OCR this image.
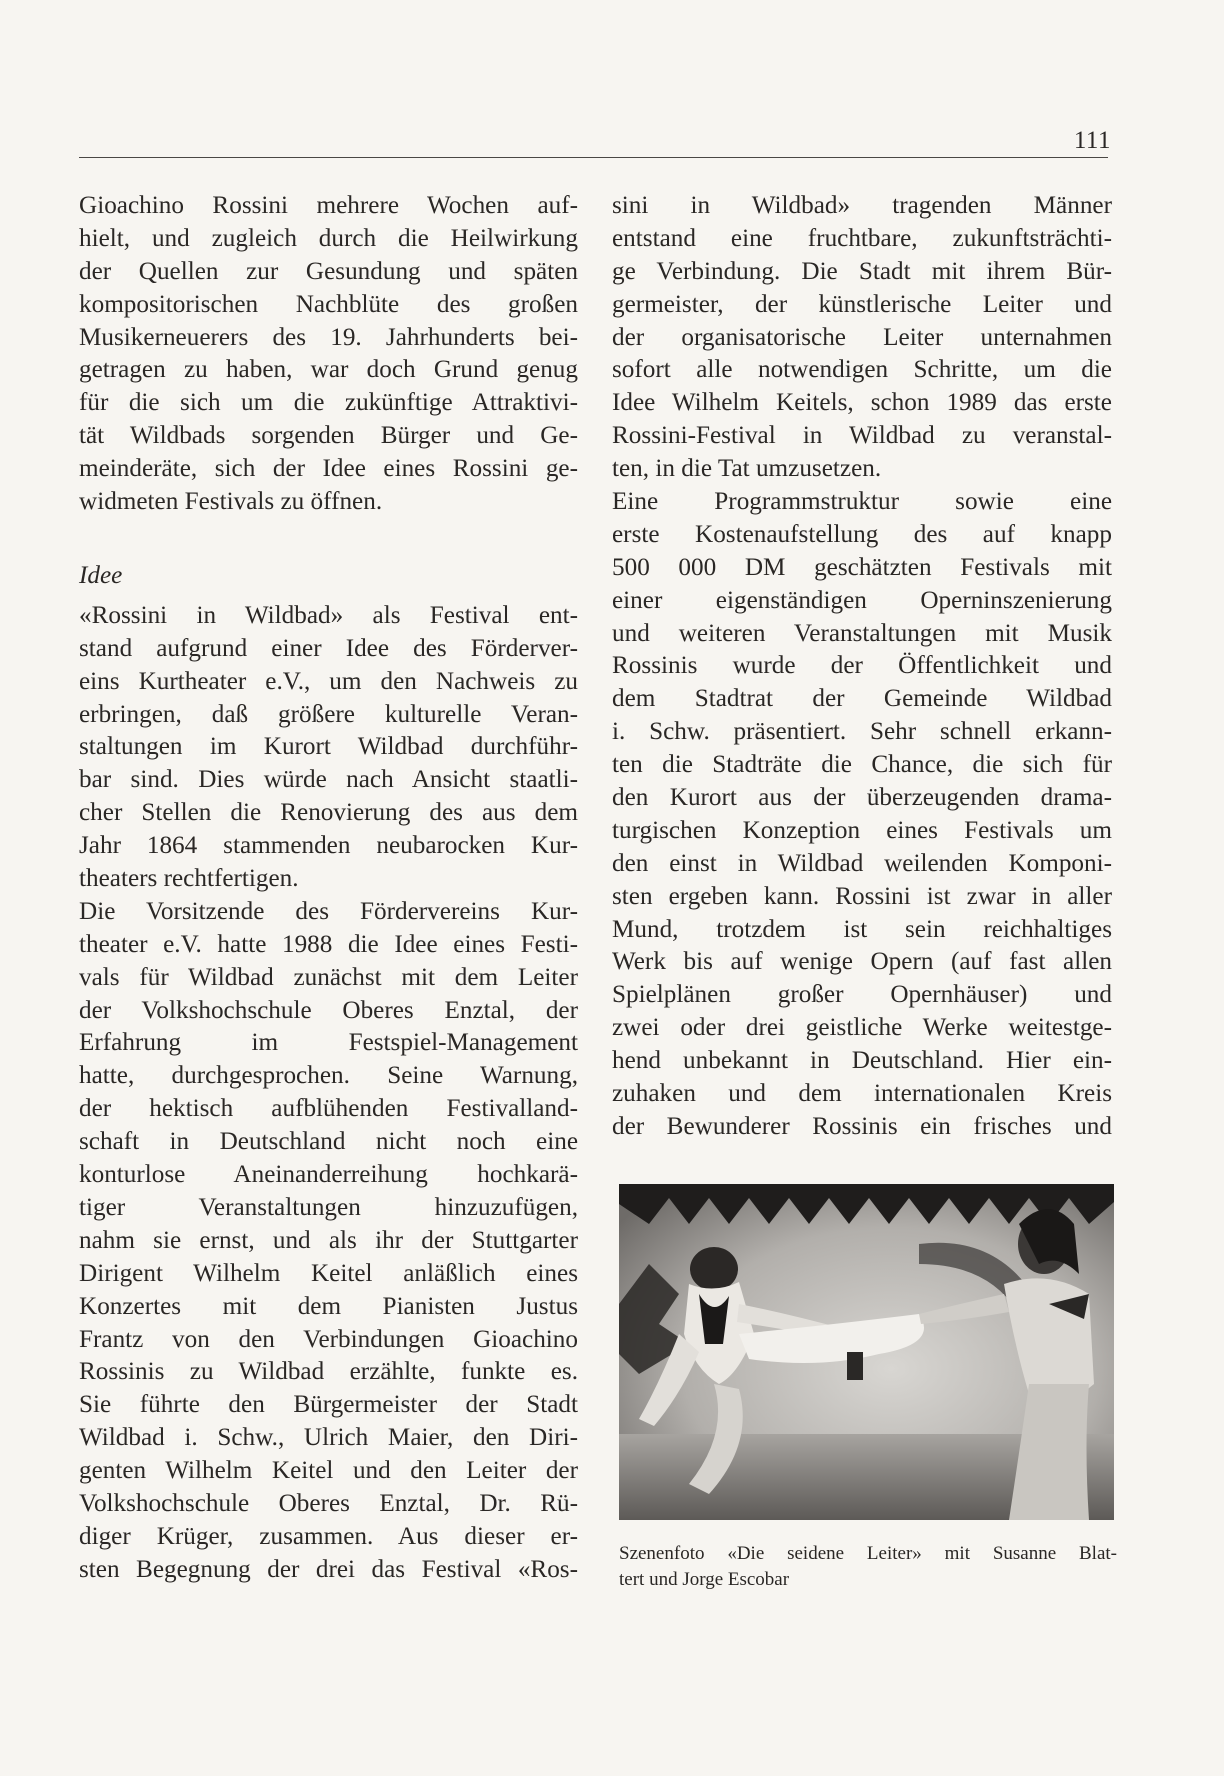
111
Gioachino Rossini mehrere Wochen auf-
hielt, und zugleich durch die Heilwirkung
der Quellen zur Gesundung und späten
kompositorischen Nachblüte des großen
Musikerneuerers des 19. Jahrhunderts bei-
getragen zu haben, war doch Grund genug
für die sich um die zukünftige Attraktivi-
tät Wildbads sorgenden Bürger und Ge-
meinderäte, sich der Idee eines Rossini ge-
widmeten Festivals zu öffnen.
Idee
«Rossini in Wildbad» als Festival ent-
stand aufgrund einer Idee des Förderver-
eins Kurtheater e.V., um den Nachweis zu
erbringen, daß größere kulturelle Veran-
staltungen im Kurort Wildbad durchführ-
bar sind. Dies würde nach Ansicht staatli-
cher Stellen die Renovierung des aus dem
Jahr 1864 stammenden neubarocken Kur-
theaters rechtfertigen.
Die Vorsitzende des Fördervereins Kur-
theater e.V. hatte 1988 die Idee eines Festi-
vals für Wildbad zunächst mit dem Leiter
der Volkshochschule Oberes Enztal, der
Erfahrung im Festspiel-Management
hatte, durchgesprochen. Seine Warnung,
der hektisch aufblühenden Festivalland-
schaft in Deutschland nicht noch eine
konturlose Aneinanderreihung hochkarä-
tiger Veranstaltungen hinzuzufügen,
nahm sie ernst, und als ihr der Stuttgarter
Dirigent Wilhelm Keitel anläßlich eines
Konzertes mit dem Pianisten Justus
Frantz von den Verbindungen Gioachino
Rossinis zu Wildbad erzählte, funkte es.
Sie führte den Bürgermeister der Stadt
Wildbad i. Schw., Ulrich Maier, den Diri-
genten Wilhelm Keitel und den Leiter der
Volkshochschule Oberes Enztal, Dr. Rü-
diger Krüger, zusammen. Aus dieser er-
sten Begegnung der drei das Festival «Ros-
sini in Wildbad» tragenden Männer
entstand eine fruchtbare, zukunftsträchti-
ge Verbindung. Die Stadt mit ihrem Bür-
germeister, der künstlerische Leiter und
der organisatorische Leiter unternahmen
sofort alle notwendigen Schritte, um die
Idee Wilhelm Keitels, schon 1989 das erste
Rossini-Festival in Wildbad zu veranstal-
ten, in die Tat umzusetzen.
Eine Programmstruktur sowie eine
erste Kostenaufstellung des auf knapp
500 000 DM geschätzten Festivals mit
einer eigenständigen Operninszenierung
und weiteren Veranstaltungen mit Musik
Rossinis wurde der Öffentlichkeit und
dem Stadtrat der Gemeinde Wildbad
i. Schw. präsentiert. Sehr schnell erkann-
ten die Stadträte die Chance, die sich für
den Kurort aus der überzeugenden drama-
turgischen Konzeption eines Festivals um
den einst in Wildbad weilenden Komponi-
sten ergeben kann. Rossini ist zwar in aller
Mund, trotzdem ist sein reichhaltiges
Werk bis auf wenige Opern (auf fast allen
Spielplänen großer Opernhäuser) und
zwei oder drei geistliche Werke weitestge-
hend unbekannt in Deutschland. Hier ein-
zuhaken und dem internationalen Kreis
der Bewunderer Rossinis ein frisches und
Szenenfoto «Die seidene Leiter» mit Susanne Blat-
tert und Jorge Escobar
